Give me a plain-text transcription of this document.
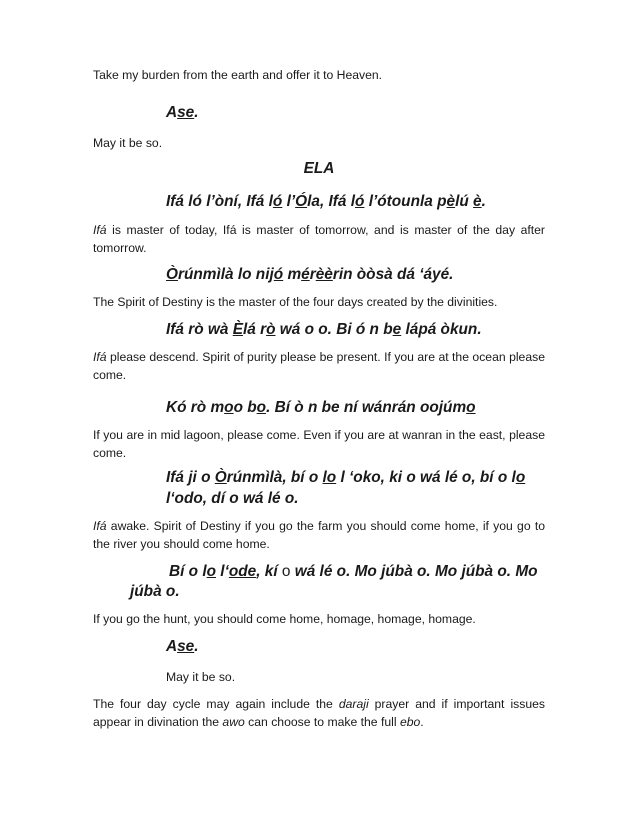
Take my burden from the earth and offer it to Heaven.
Ase.
May it be so.
ELA
Ifá ló l’òní, Ifá ló l’Óla, Ifá ló l’ótounla pèlú è.
Ifá is master of today, Ifá is master of tomorrow, and is master of the day after tomorrow.
Òrúnmìlà lo nijó mérèèrin òòsà dá ‘áyé.
The Spirit of Destiny is the master of the four days created by the divinities.
Ifá rò wà Èlá rò wá o o. Bi ó n be lápá òkun.
Ifá please descend. Spirit of purity please be present. If you are at the ocean please come.
Kó rò moo bo. Bí ò n be ní wánrán oojúmo
If you are in mid lagoon, please come. Even if you are at wanran in the east, please come.
Ifá ji o Òrúnmìlà, bí o lo l ‘oko, ki o wá lé o, bí o lo
l‘odo, dí o wá lé o.
Ifá awake. Spirit of Destiny if you go the farm you should come home, if you go to the river you should come home.
Bí o lo l‘ode, kí o wá lé o. Mo júbà o. Mo júbà o. Mo
júbà o.
If you go the hunt, you should come home, homage, homage, homage.
Ase.
May it be so.
The four day cycle may again include the daraji prayer and if important issues appear in divination the awo can choose to make the full ebo.
